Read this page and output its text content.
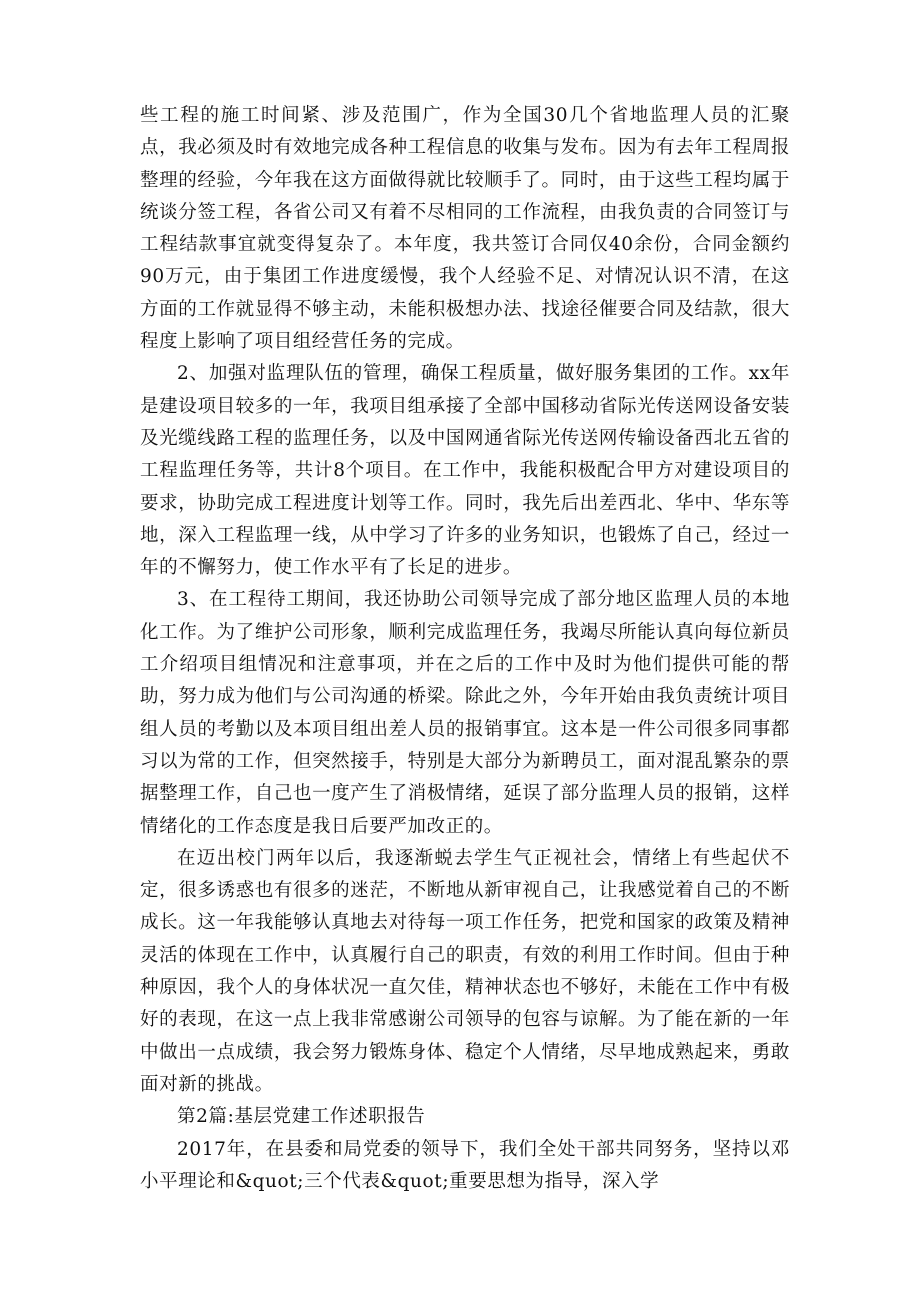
些工程的施工时间紧、涉及范围广，作为全国30几个省地监理人员的汇聚点，我必须及时有效地完成各种工程信息的收集与发布。因为有去年工程周报整理的经验，今年我在这方面做得就比较顺手了。同时，由于这些工程均属于统谈分签工程，各省公司又有着不尽相同的工作流程，由我负责的合同签订与工程结款事宜就变得复杂了。本年度，我共签订合同仅40余份，合同金额约90万元，由于集团工作进度缓慢，我个人经验不足、对情况认识不清，在这方面的工作就显得不够主动，未能积极想办法、找途径催要合同及结款，很大程度上影响了项目组经营任务的完成。

2、加强对监理队伍的管理，确保工程质量，做好服务集团的工作。xx年是建设项目较多的一年，我项目组承接了全部中国移动省际光传送网设备安装及光缆线路工程的监理任务，以及中国网通省际光传送网传输设备西北五省的工程监理任务等，共计8个项目。在工作中，我能积极配合甲方对建设项目的要求，协助完成工程进度计划等工作。同时，我先后出差西北、华中、华东等地，深入工程监理一线，从中学习了许多的业务知识，也锻炼了自己，经过一年的不懈努力，使工作水平有了长足的进步。

3、在工程待工期间，我还协助公司领导完成了部分地区监理人员的本地化工作。为了维护公司形象，顺利完成监理任务，我竭尽所能认真向每位新员工介绍项目组情况和注意事项，并在之后的工作中及时为他们提供可能的帮助，努力成为他们与公司沟通的桥梁。除此之外，今年开始由我负责统计项目组人员的考勤以及本项目组出差人员的报销事宜。这本是一件公司很多同事都习以为常的工作，但突然接手，特别是大部分为新聘员工，面对混乱繁杂的票据整理工作，自己也一度产生了消极情绪，延误了部分监理人员的报销，这样情绪化的工作态度是我日后要严加改正的。

在迈出校门两年以后，我逐渐蜕去学生气正视社会，情绪上有些起伏不定，很多诱惑也有很多的迷茫，不断地从新审视自己，让我感觉着自己的不断成长。这一年我能够认真地去对待每一项工作任务，把党和国家的政策及精神灵活的体现在工作中，认真履行自己的职责，有效的利用工作时间。但由于种种原因，我个人的身体状况一直欠佳，精神状态也不够好，未能在工作中有极好的表现，在这一点上我非常感谢公司领导的包容与谅解。为了能在新的一年中做出一点成绩，我会努力锻炼身体、稳定个人情绪，尽早地成熟起来，勇敢面对新的挑战。

第2篇:基层党建工作述职报告

2017年，在县委和局党委的领导下，我们全处干部共同努务，坚持以邓小平理论和&quot;三个代表&quot;重要思想为指导，深入学
